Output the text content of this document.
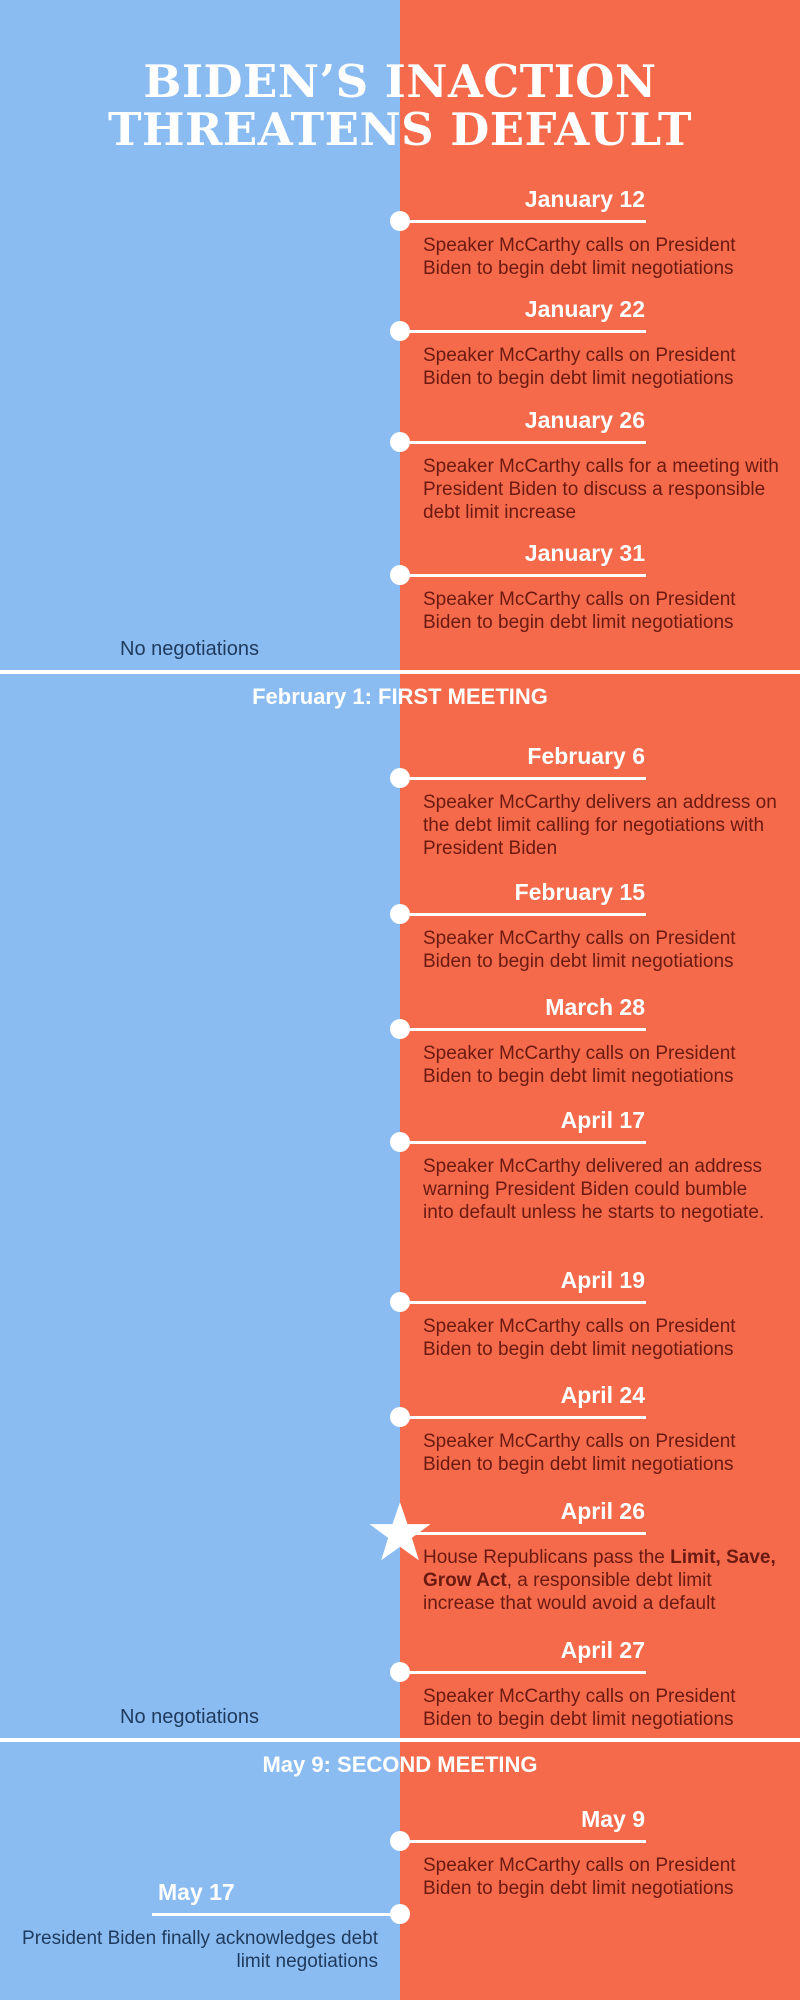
BIDEN’S INACTION
THREATENS DEFAULT
January 12
Speaker McCarthy calls on President Biden to begin debt limit negotiations
January 22
Speaker McCarthy calls on President Biden to begin debt limit negotiations
January 26
Speaker McCarthy calls for a meeting with President Biden to discuss a responsible debt limit increase
January 31
Speaker McCarthy calls on President Biden to begin debt limit negotiations
No negotiations
February 1: FIRST MEETING
February 6
Speaker McCarthy delivers an address on the debt limit calling for negotiations with President Biden
February 15
Speaker McCarthy calls on President Biden to begin debt limit negotiations
March 28
Speaker McCarthy calls on President Biden to begin debt limit negotiations
April 17
Speaker McCarthy delivered an address warning President Biden could bumble into default unless he starts to negotiate.
April 19
Speaker McCarthy calls on President Biden to begin debt limit negotiations
April 24
Speaker McCarthy calls on President Biden to begin debt limit negotiations
April 26
House Republicans pass the Limit, Save, Grow Act, a responsible debt limit increase that would avoid a default
April 27
Speaker McCarthy calls on President Biden to begin debt limit negotiations
No negotiations
May 9: SECOND MEETING
May 9
Speaker McCarthy calls on President Biden to begin debt limit negotiations
May 17
President Biden finally acknowledges debt limit negotiations
